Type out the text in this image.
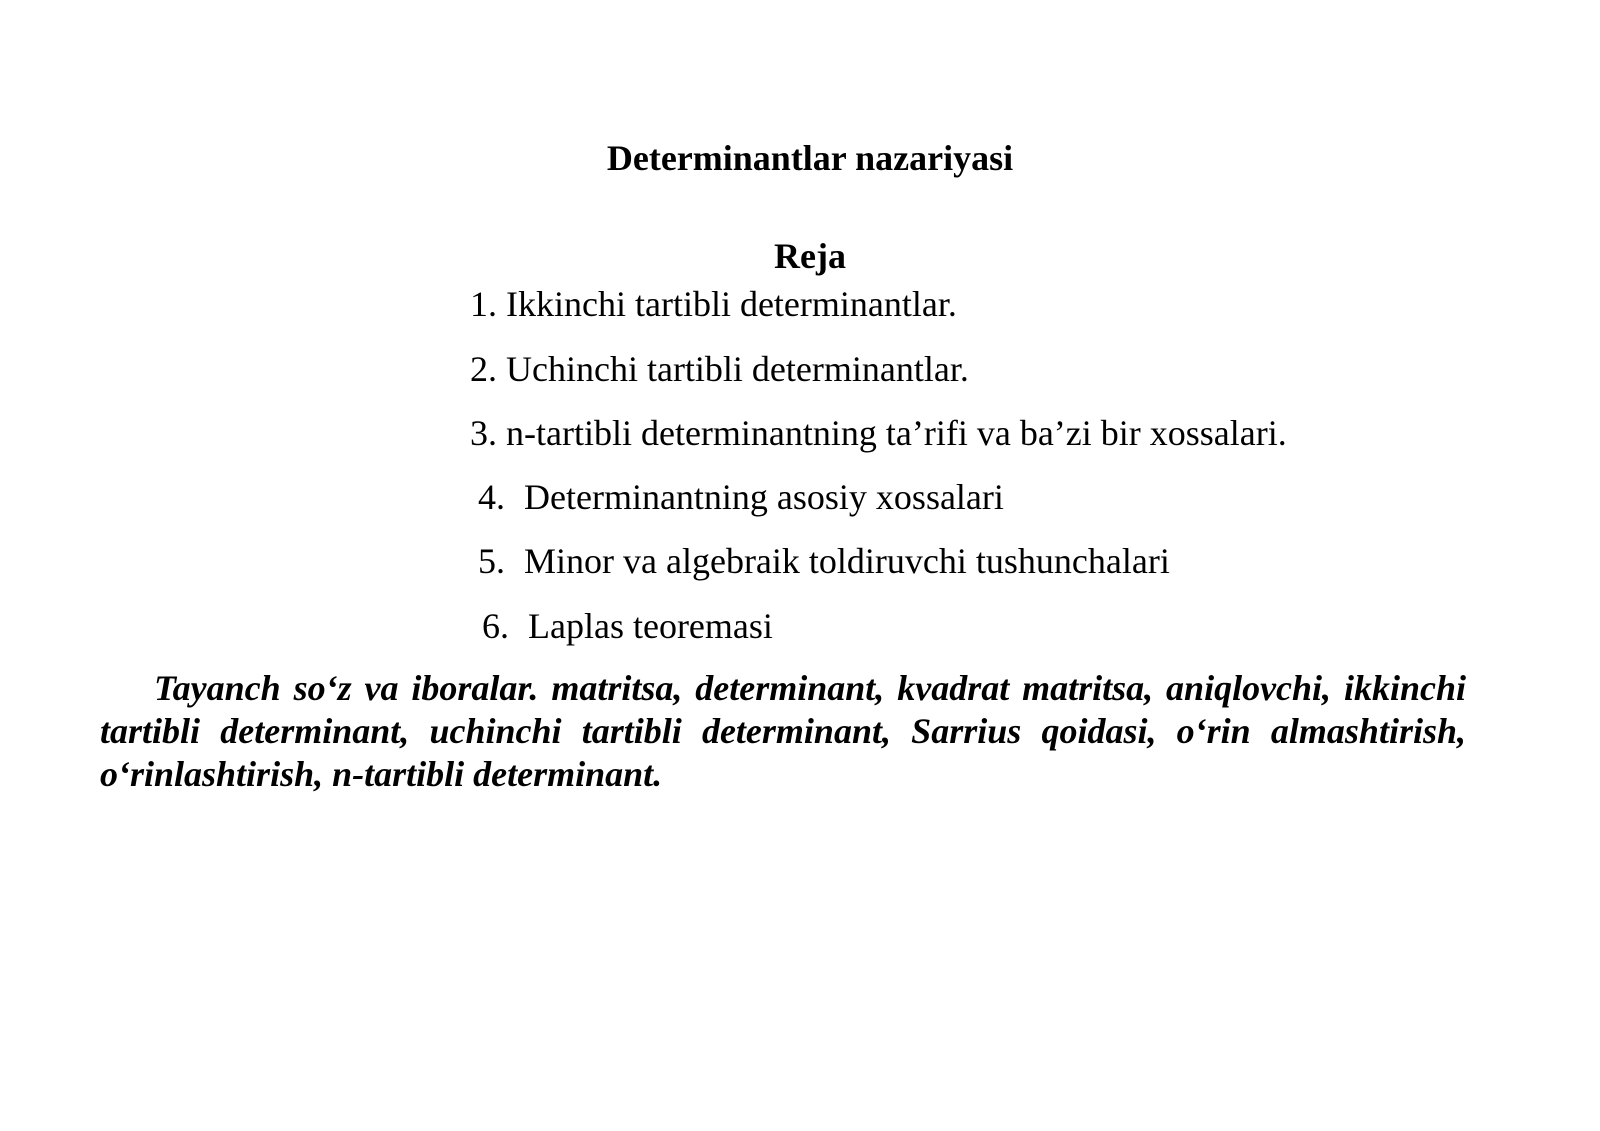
Determinantlar nazariyasi
Reja
1. Ikkinchi tartibli determinantlar.
2. Uchinchi tartibli determinantlar.
3. n-tartibli determinantning ta’rifi va ba’zi bir xossalari.
4. Determinantning asosiy xossalari
5. Minor va algebraik toldiruvchi tushunchalari
6. Laplas teoremasi
Tayanch so‘z va iboralar. matritsa, determinant, kvadrat matritsa, aniqlovchi, ikkinchi tartibli determinant, uchinchi tartibli determinant, Sarrius qoidasi, o‘rin almashtirish, o‘rinlashtirish, n-tartibli determinant.
